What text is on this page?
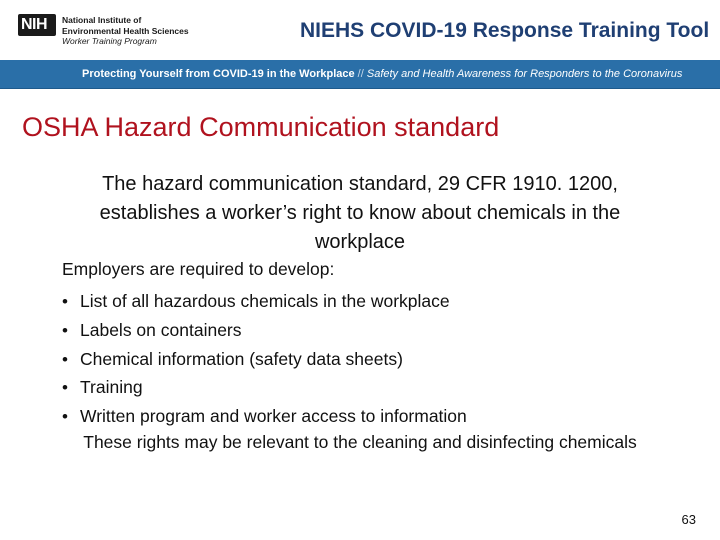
NIH	National Institute of
Environmental Health Sciences
Worker Training Program	NIEHS COVID-19 Response Training Tool
Protecting Yourself from COVID-19 in the Workplace // Safety and Health Awareness for Responders to the Coronavirus
OSHA Hazard Communication standard
The hazard communication standard, 29 CFR 1910. 1200, establishes a worker’s right to know about chemicals in the workplace
Employers are required to develop:
• List of all hazardous chemicals in the workplace
• Labels on containers
• Chemical information (safety data sheets)
• Training
• Written program and worker access to information
These rights may be relevant to the cleaning and disinfecting chemicals
63
